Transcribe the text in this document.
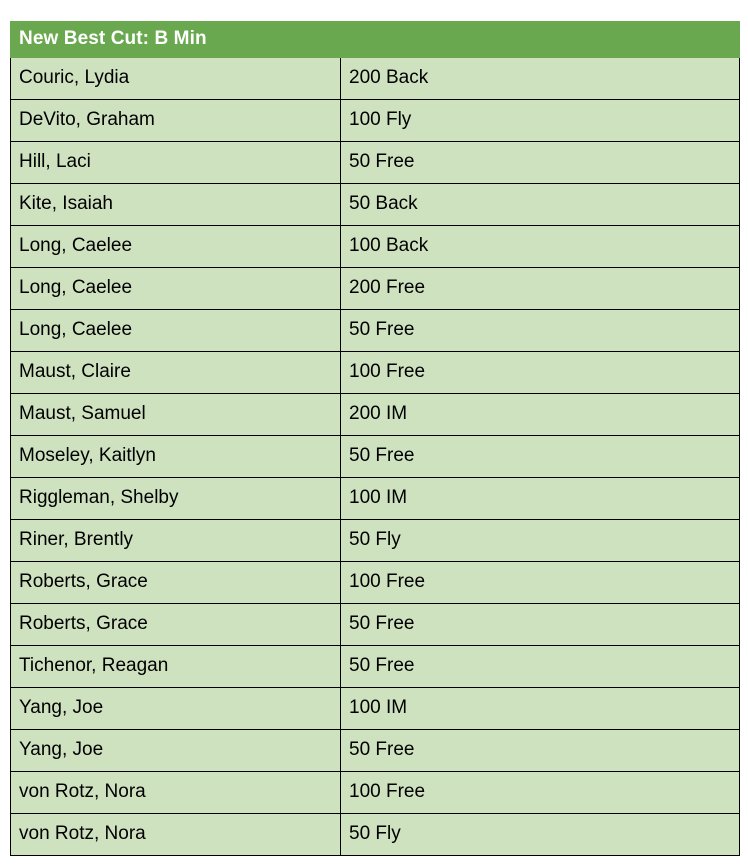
New Best Cut: B Min	
Couric, Lydia	200 Back
DeVito, Graham	100 Fly
Hill, Laci	50 Free
Kite, Isaiah	50 Back
Long, Caelee	100 Back
Long, Caelee	200 Free
Long, Caelee	50 Free
Maust, Claire	100 Free
Maust, Samuel	200 IM
Moseley, Kaitlyn	50 Free
Riggleman, Shelby	100 IM
Riner, Brently	50 Fly
Roberts, Grace	100 Free
Roberts, Grace	50 Free
Tichenor, Reagan	50 Free
Yang, Joe	100 IM
Yang, Joe	50 Free
von Rotz, Nora	100 Free
von Rotz, Nora	50 Fly
